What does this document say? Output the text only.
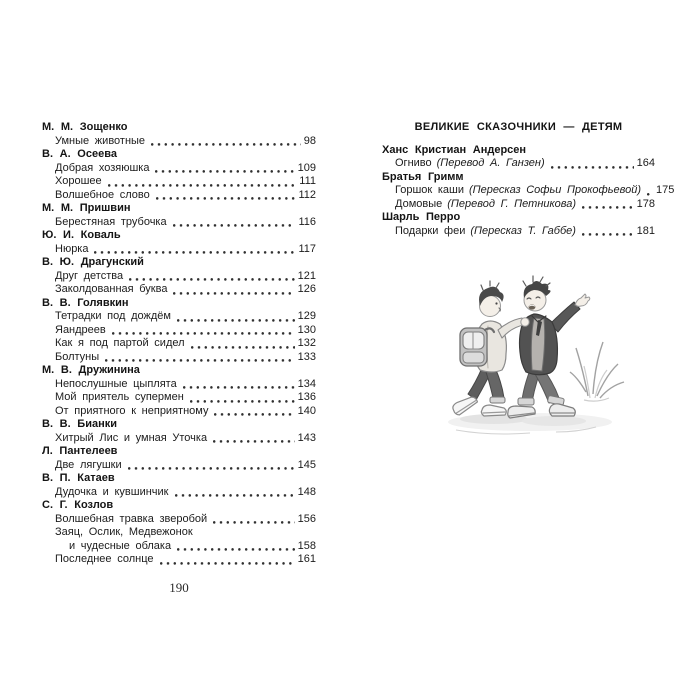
М. М. Зощенко
Умные животные	98
В. А. Осеева
Добрая хозяюшка	109
Хорошее	111
Волшебное слово	112
М. М. Пришвин
Берестяная трубочка	116
Ю. И. Коваль
Нюрка	117
В. Ю. Драгунский
Друг детства	121
Заколдованная буква	126
В. В. Голявкин
Тетрадки под дождём	129
Яандреев	130
Как я под партой сидел	132
Болтуны	133
М. В. Дружинина
Непослушные цыплята	134
Мой приятель супермен	136
От приятного к неприятному	140
В. В. Бианки
Хитрый Лис и умная Уточка	143
Л. Пантелеев
Две лягушки	145
В. П. Катаев
Дудочка и кувшинчик	148
С. Г. Козлов
Волшебная травка зверобой	156
Заяц, Ослик, Медвежонок
и чудесные облака	158
Последнее солнце	161
ВЕЛИКИЕ СКАЗОЧНИКИ — ДЕТЯМ
Ханс Кристиан Андерсен
Огниво (Перевод А. Ганзен)	164
Братья Гримм
Горшок каши (Пересказ Софьи Прокофьевой) 175
Домовые (Перевод Г. Петникова)	178
Шарль Перро
Подарки феи (Пересказ Т. Габбе)	181
190
